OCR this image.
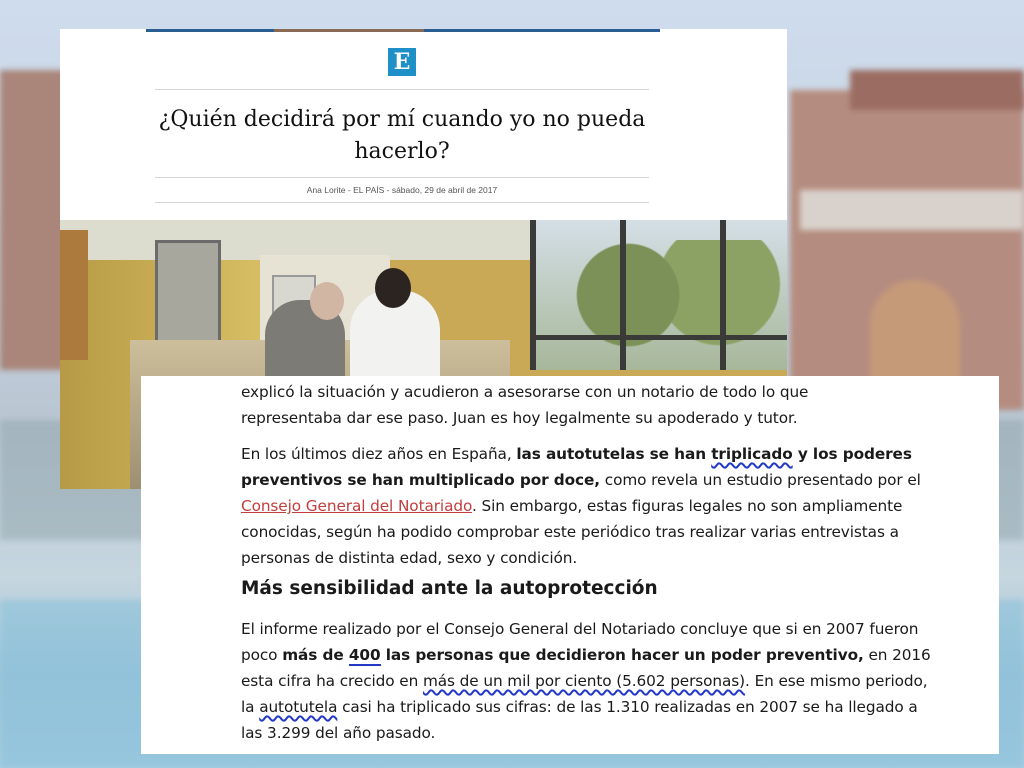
E
¿Quién decidirá por mí cuando yo no pueda hacerlo?
Ana Lorite - EL PAÍS - sábado, 29 de abril de 2017

explicó la situación y acudieron a asesorarse con un notario de todo lo que
representaba dar ese paso. Juan es hoy legalmente su apoderado y tutor.

En los últimos diez años en España, las autotutelas se han triplicado y los poderes preventivos se han multiplicado por doce, como revela un estudio presentado por el Consejo General del Notariado. Sin embargo, estas figuras legales no son ampliamente conocidas, según ha podido comprobar este periódico tras realizar varias entrevistas a personas de distinta edad, sexo y condición.

Más sensibilidad ante la autoprotección

El informe realizado por el Consejo General del Notariado concluye que si en 2007 fueron poco más de 400 las personas que decidieron hacer un poder preventivo, en 2016 esta cifra ha crecido en más de un mil por ciento (5.602 personas). En ese mismo periodo, la autotutela casi ha triplicado sus cifras: de las 1.310 realizadas en 2007 se ha llegado a las 3.299 del año pasado.
